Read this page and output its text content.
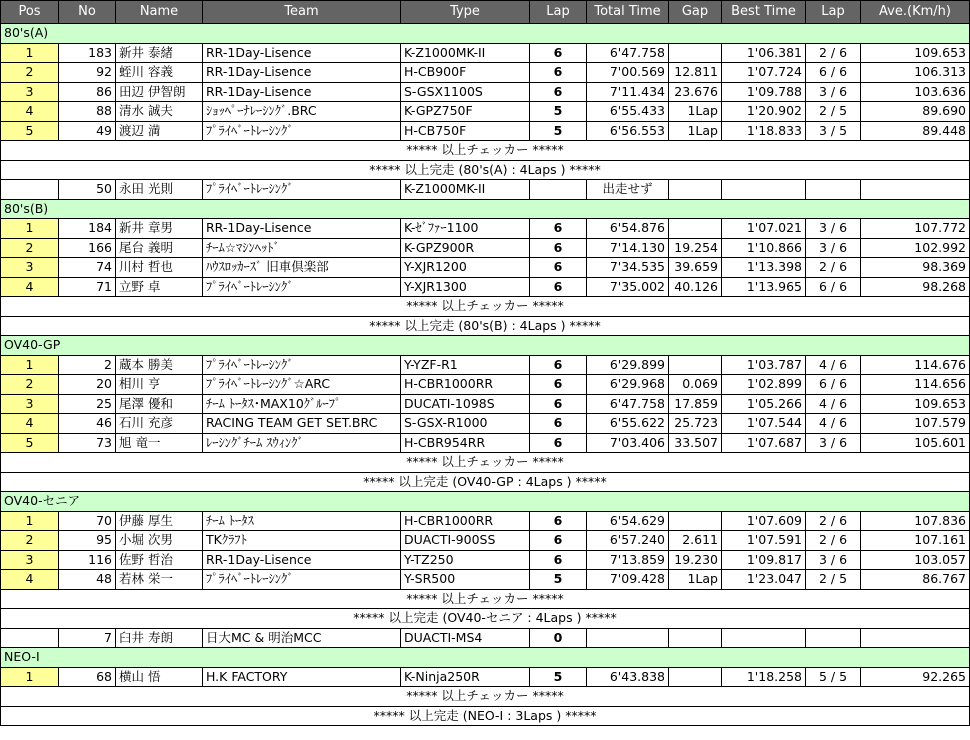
Pos	No	Name	Team	Type	Lap	Total Time	Gap	Best Time	Lap	Ave.(Km/h)
80's(A)										
1	183	新井 泰緒	RR-1Day-Lisence	K-Z1000MK-II	6	6'47.758		1'06.381	2 / 6	109.653
2	92	蛭川 容義	RR-1Day-Lisence	H-CB900F	6	7'00.569	12.811	1'07.724	6 / 6	106.313
3	86	田辺 伊智朗	RR-1Day-Lisence	S-GSX1100S	6	7'11.434	23.676	1'09.788	3 / 6	103.636
4	88	清水 誠夫	ｼｮｯﾍﾟｰﾅﾚｰｼﾝｸﾞ.BRC	K-GPZ750F	5	6'55.433	1Lap	1'20.902	2 / 5	89.690
5	49	渡辺 満	ﾌﾟﾗｲﾍﾞｰﾄﾚｰｼﾝｸﾞ	H-CB750F	5	6'56.553	1Lap	1'18.833	3 / 5	89.448
***** 以上チェッカー *****										
***** 以上完走 (80's(A) : 4Laps ) *****										
	50	永田 光則	ﾌﾟﾗｲﾍﾞｰﾄﾚｰｼﾝｸﾞ	K-Z1000MK-II		出走せず				
80's(B)										
1	184	新井 章男	RR-1Day-Lisence	K-ｾﾞﾌｧｰ1100	6	6'54.876		1'07.021	3 / 6	107.772
2	166	尾台 義明	ﾁｰﾑ☆ﾏｼﾝﾍｯﾄﾞ	K-GPZ900R	6	7'14.130	19.254	1'10.866	3 / 6	102.992
3	74	川村 哲也	ﾊｳｽﾛｯｶｰｽﾞ 旧車倶楽部	Y-XJR1200	6	7'34.535	39.659	1'13.398	2 / 6	98.369
4	71	立野 卓	ﾌﾟﾗｲﾍﾞｰﾄﾚｰｼﾝｸﾞ	Y-XJR1300	6	7'35.002	40.126	1'13.965	6 / 6	98.268
***** 以上チェッカー *****										
***** 以上完走 (80's(B) : 4Laps ) *****										
OV40-GP										
1	2	蔵本 勝美	ﾌﾟﾗｲﾍﾞｰﾄﾚｰｼﾝｸﾞ	Y-YZF-R1	6	6'29.899		1'03.787	4 / 6	114.676
2	20	相川 亨	ﾌﾟﾗｲﾍﾞｰﾄﾚｰｼﾝｸﾞ☆ARC	H-CBR1000RR	6	6'29.968	0.069	1'02.899	6 / 6	114.656
3	25	尾澤 優和	ﾁｰﾑ ﾄｰﾀｽ･MAX10ｸﾞﾙｰﾌﾟ	DUCATI-1098S	6	6'47.758	17.859	1'05.266	4 / 6	109.653
4	46	石川 充彦	RACING TEAM GET SET.BRC	S-GSX-R1000	6	6'55.622	25.723	1'07.544	4 / 6	107.579
5	73	旭 竜一	ﾚｰｼﾝｸﾞﾁｰﾑ ｽｳｨﾝｸﾞ	H-CBR954RR	6	7'03.406	33.507	1'07.687	3 / 6	105.601
***** 以上チェッカー *****										
***** 以上完走 (OV40-GP : 4Laps ) *****										
OV40-セニア										
1	70	伊藤 厚生	ﾁｰﾑ ﾄｰﾀｽ	H-CBR1000RR	6	6'54.629		1'07.609	2 / 6	107.836
2	95	小堀 次男	TKｸﾗﾌﾄ	DUACTI-900SS	6	6'57.240	2.611	1'07.591	2 / 6	107.161
3	116	佐野 哲治	RR-1Day-Lisence	Y-TZ250	6	7'13.859	19.230	1'09.817	3 / 6	103.057
4	48	若林 栄一	ﾌﾟﾗｲﾍﾞｰﾄﾚｰｼﾝｸﾞ	Y-SR500	5	7'09.428	1Lap	1'23.047	2 / 5	86.767
***** 以上チェッカー *****										
***** 以上完走 (OV40-セニア : 4Laps ) *****										
	7	臼井 寿朗	日大MC & 明治MCC	DUACTI-MS4	0					
NEO-I										
1	68	横山 悟	H.K FACTORY	K-Ninja250R	5	6'43.838		1'18.258	5 / 5	92.265
***** 以上チェッカー *****										
***** 以上完走 (NEO-I : 3Laps ) *****										
